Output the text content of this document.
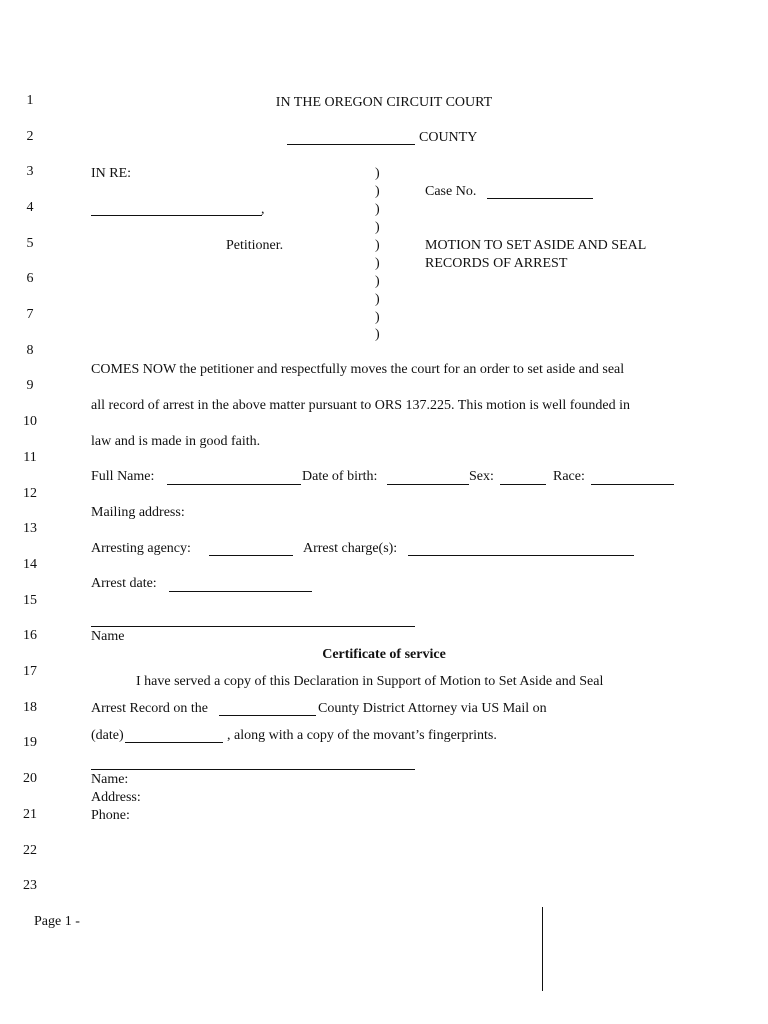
1
2
3
4
5
6
7
8
9
10
11
12
13
14
15
16
17
18
19
20
21
22
23
IN THE OREGON CIRCUIT COURT
COUNTY
IN RE:
,
Petitioner.
)
)
)
)
)
)
)
)
)
)
Case No.
MOTION TO SET ASIDE AND SEAL
RECORDS OF ARREST
COMES NOW the petitioner and respectfully moves the court for an order to set aside and seal
all record of arrest in the above matter pursuant to ORS 137.225. This motion is well founded in
law and is made in good faith.
Full Name:	Date of birth:	Sex:	Race:
Mailing address:
Arresting agency:	Arrest charge(s):
Arrest date:
Name
Certificate of service
I have served a copy of this Declaration in Support of Motion to Set Aside and Seal
Arrest Record on the	County District Attorney via US Mail on
(date)	, along with a copy of the movant’s fingerprints.
Name:
Address:
Phone:
Page 1 -
